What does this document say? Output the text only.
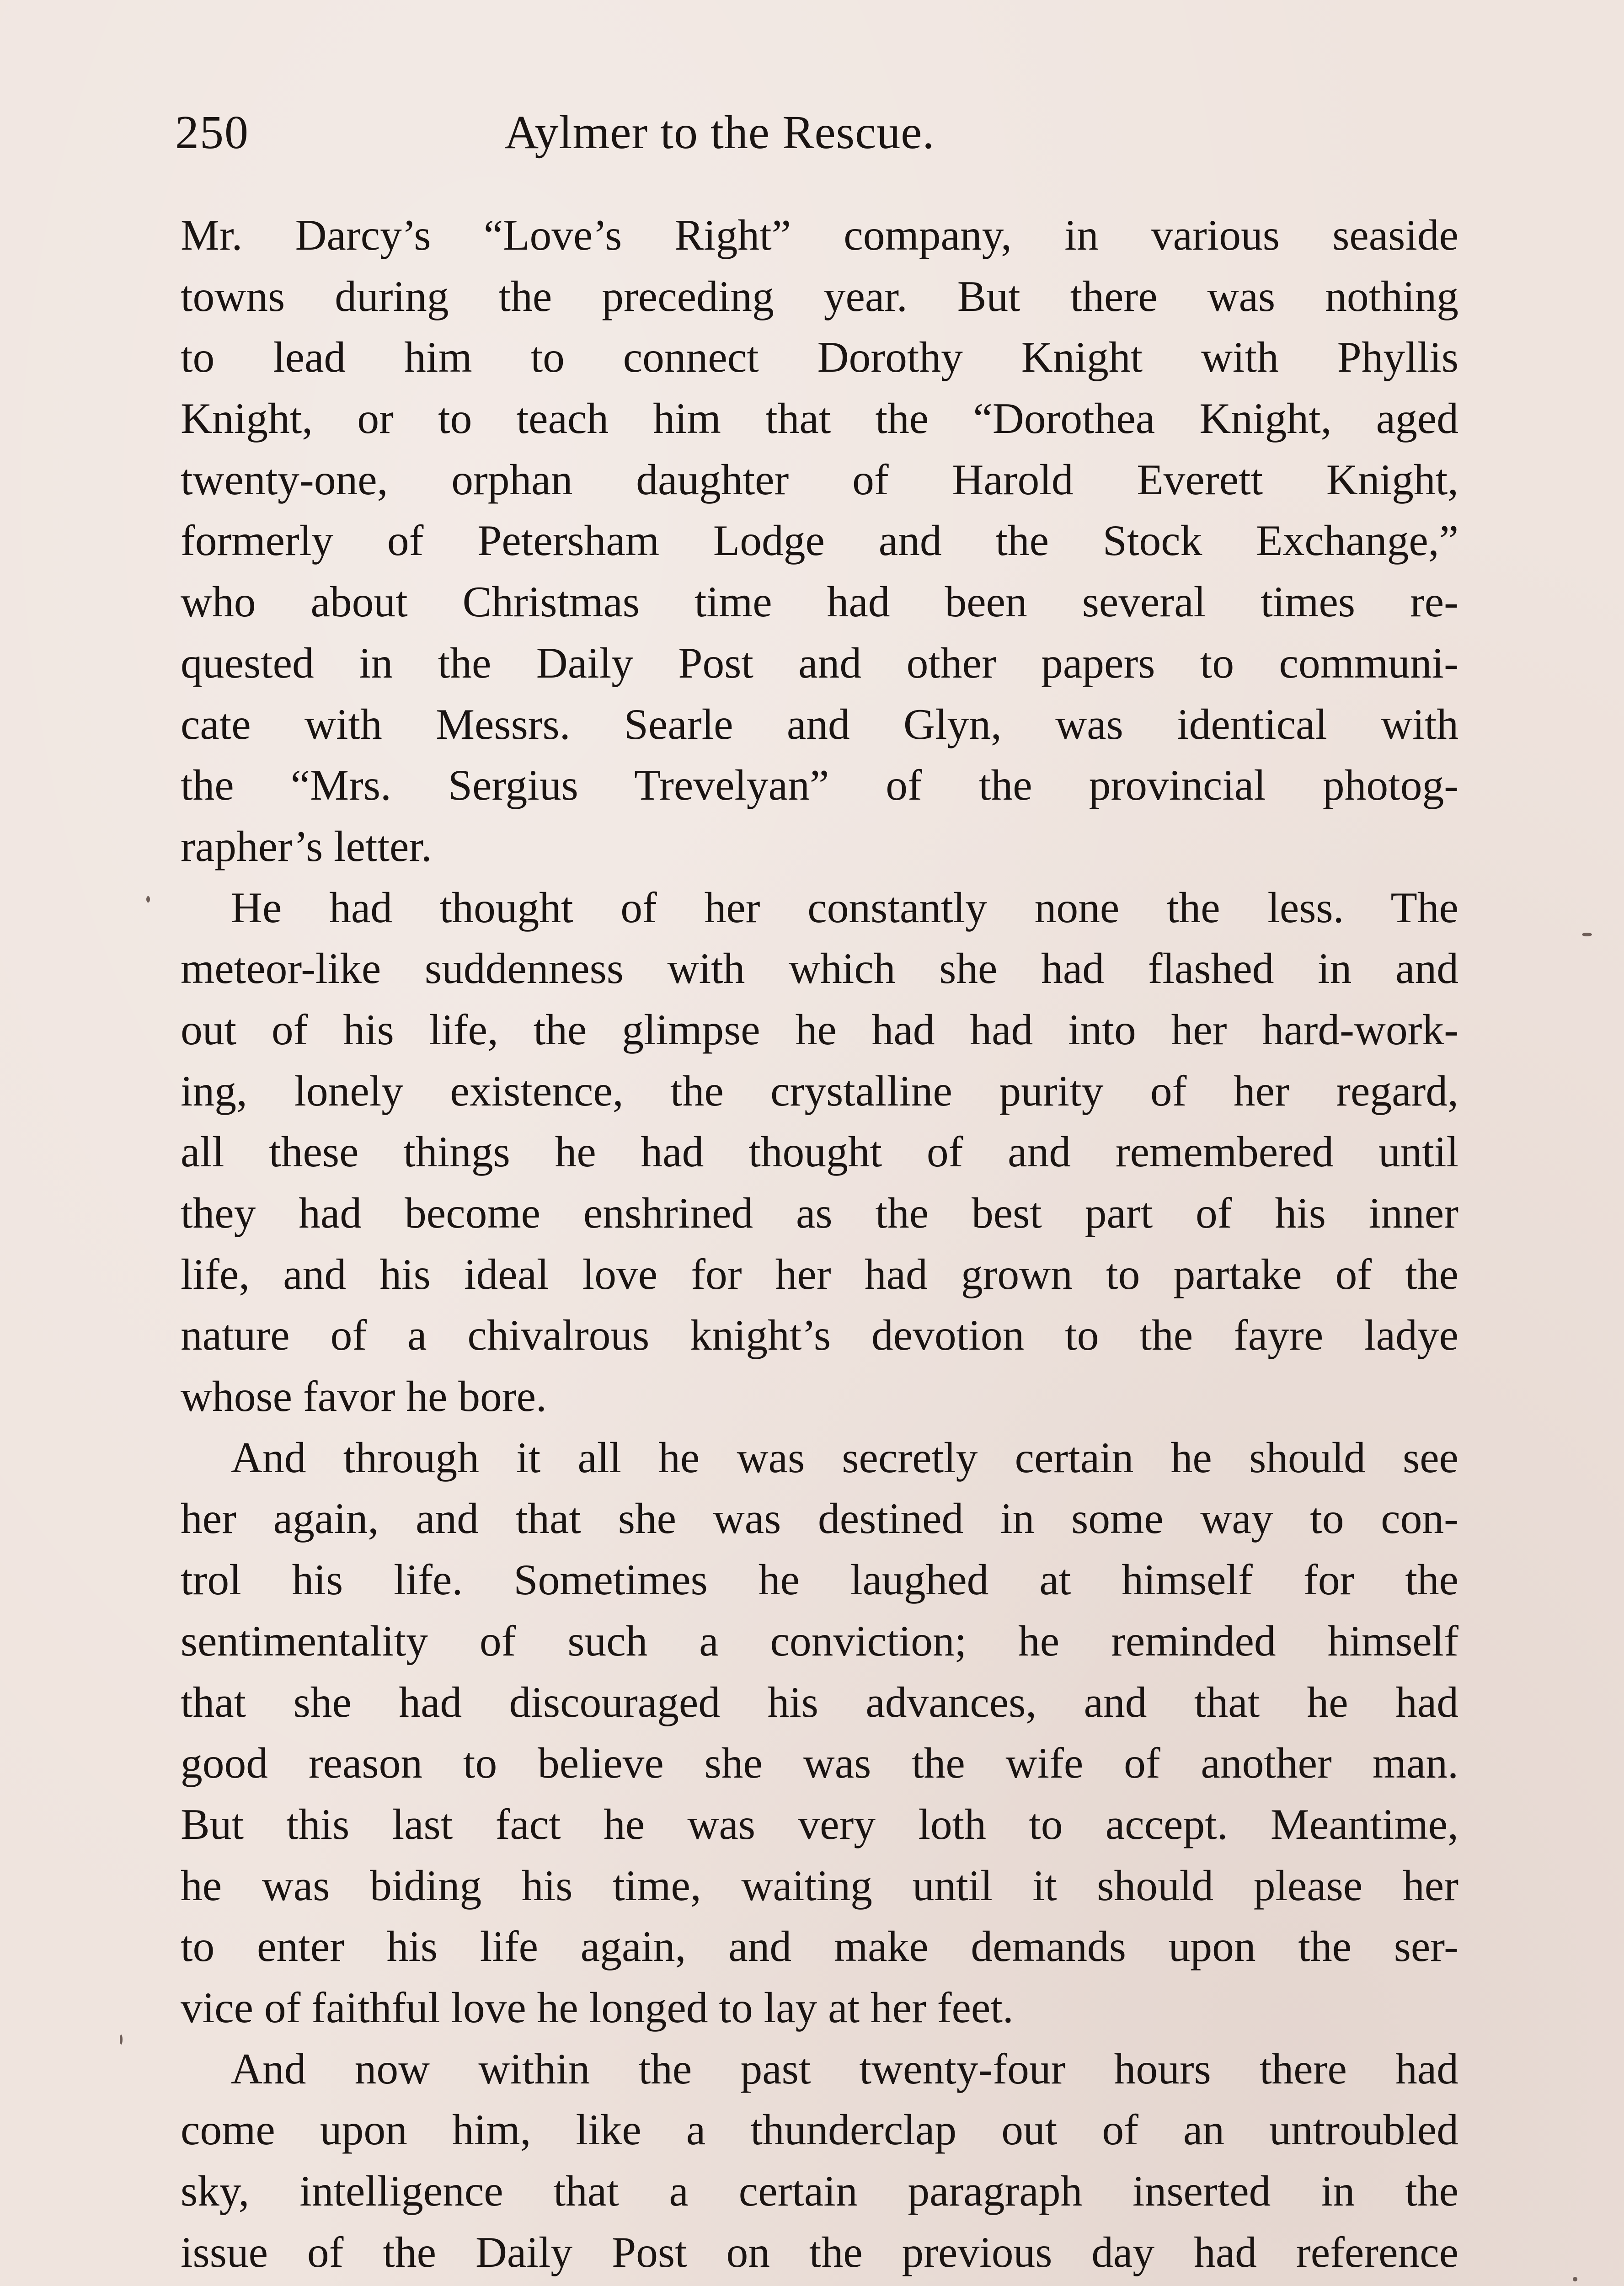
250	Aylmer to the Rescue.
Mr. Darcy’s “Love’s Right” company, in various seaside
towns during the preceding year. But there was nothing
to lead him to connect Dorothy Knight with Phyllis
Knight, or to teach him that the “Dorothea Knight, aged
twenty-one, orphan daughter of Harold Everett Knight,
formerly of Petersham Lodge and the Stock Exchange,”
who about Christmas time had been several times re-
quested in the Daily Post and other papers to communi-
cate with Messrs. Searle and Glyn, was identical with
the “Mrs. Sergius Trevelyan” of the provincial photog-
rapher’s letter.
He had thought of her constantly none the less. The
meteor-like suddenness with which she had flashed in and
out of his life, the glimpse he had had into her hard-work-
ing, lonely existence, the crystalline purity of her regard,
all these things he had thought of and remembered until
they had become enshrined as the best part of his inner
life, and his ideal love for her had grown to partake of the
nature of a chivalrous knight’s devotion to the fayre ladye
whose favor he bore.
And through it all he was secretly certain he should see
her again, and that she was destined in some way to con-
trol his life. Sometimes he laughed at himself for the
sentimentality of such a conviction; he reminded himself
that she had discouraged his advances, and that he had
good reason to believe she was the wife of another man.
But this last fact he was very loth to accept. Meantime,
he was biding his time, waiting until it should please her
to enter his life again, and make demands upon the ser-
vice of faithful love he longed to lay at her feet.
And now within the past twenty-four hours there had
come upon him, like a thunderclap out of an untroubled
sky, intelligence that a certain paragraph inserted in the
issue of the Daily Post on the previous day had reference
